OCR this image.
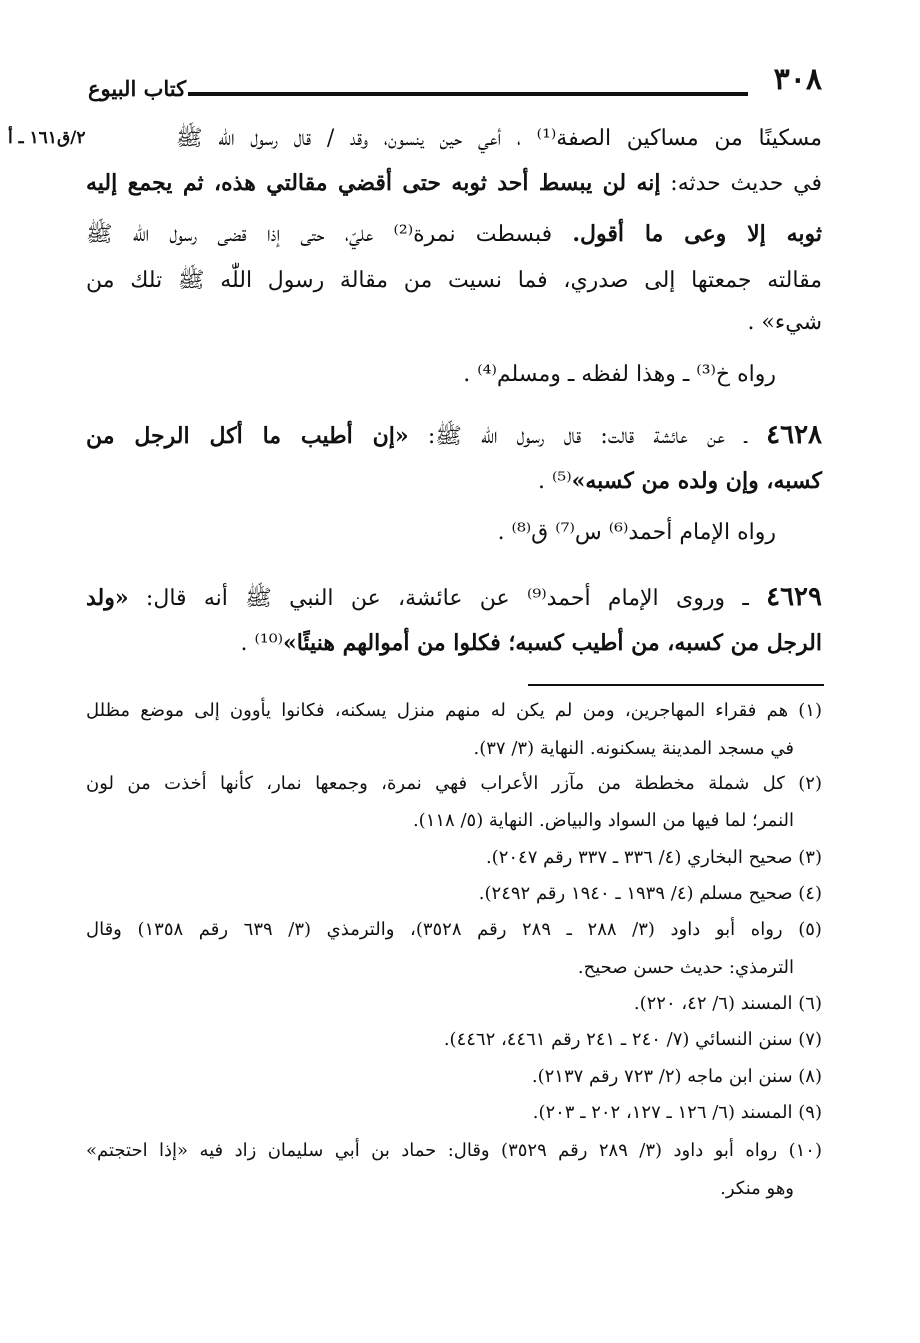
٣٠٨
كتاب البيوع
٢/ق١٦١ ـ أ	مسكينًا من مساكين الصفة⁽¹⁾ ، أعي حين ينسون، وقد / قال رسول اللّٰه ﷺ
في حديث حدثه: إنه لن يبسط أحد ثوبه حتى أقضي مقالتي هذه، ثم يجمع إليه
ثوبه إلا وعى ما أقول. فبسطت نمرة⁽²⁾ عليّ، حتى إذا قضى رسول اللّٰه ﷺ
مقالته جمعتها إلى صدري، فما نسيت من مقالة رسول اللّٰه ﷺ تلك من
شيء» .
رواه خ⁽³⁾ ـ وهذا لفظه ـ ومسلم⁽⁴⁾ .
٤٦٢٨ ـ عن عائشة قالت: قال رسول اللّٰه ﷺ: «إن أطيب ما أكل الرجل من
كسبه، وإن ولده من كسبه»⁽⁵⁾ .
رواه الإمام أحمد⁽⁶⁾ س⁽⁷⁾ ق⁽⁸⁾ .
٤٦٢٩ ـ وروى الإمام أحمد⁽⁹⁾ عن عائشة، عن النبي ﷺ أنه قال: «ولد
الرجل من كسبه، من أطيب كسبه؛ فكلوا من أموالهم هنيئًا»⁽¹⁰⁾ .
(١) هم فقراء المهاجرين، ومن لم يكن له منهم منزل يسكنه، فكانوا يأوون إلى موضع مظلل
في مسجد المدينة يسكنونه. النهاية (٣/ ٣٧).
(٢) كل شملة مخططة من مآزر الأعراب فهي نمرة، وجمعها نمار، كأنها أخذت من لون
النمر؛ لما فيها من السواد والبياض. النهاية (٥/ ١١٨).
(٣) صحيح البخاري (٤/ ٣٣٦ ـ ٣٣٧ رقم ٢٠٤٧).
(٤) صحيح مسلم (٤/ ١٩٣٩ ـ ١٩٤٠ رقم ٢٤٩٢).
(٥) رواه أبو داود (٣/ ٢٨٨ ـ ٢٨٩ رقم ٣٥٢٨)، والترمذي (٣/ ٦٣٩ رقم ١٣٥٨) وقال
الترمذي: حديث حسن صحيح.
(٦) المسند (٦/ ٤٢، ٢٢٠).
(٧) سنن النسائي (٧/ ٢٤٠ ـ ٢٤١ رقم ٤٤٦١، ٤٤٦٢).
(٨) سنن ابن ماجه (٢/ ٧٢٣ رقم ٢١٣٧).
(٩) المسند (٦/ ١٢٦ ـ ١٢٧، ٢٠٢ ـ ٢٠٣).
(١٠) رواه أبو داود (٣/ ٢٨٩ رقم ٣٥٢٩) وقال: حماد بن أبي سليمان زاد فيه «إذا احتجتم»
وهو منكر.
